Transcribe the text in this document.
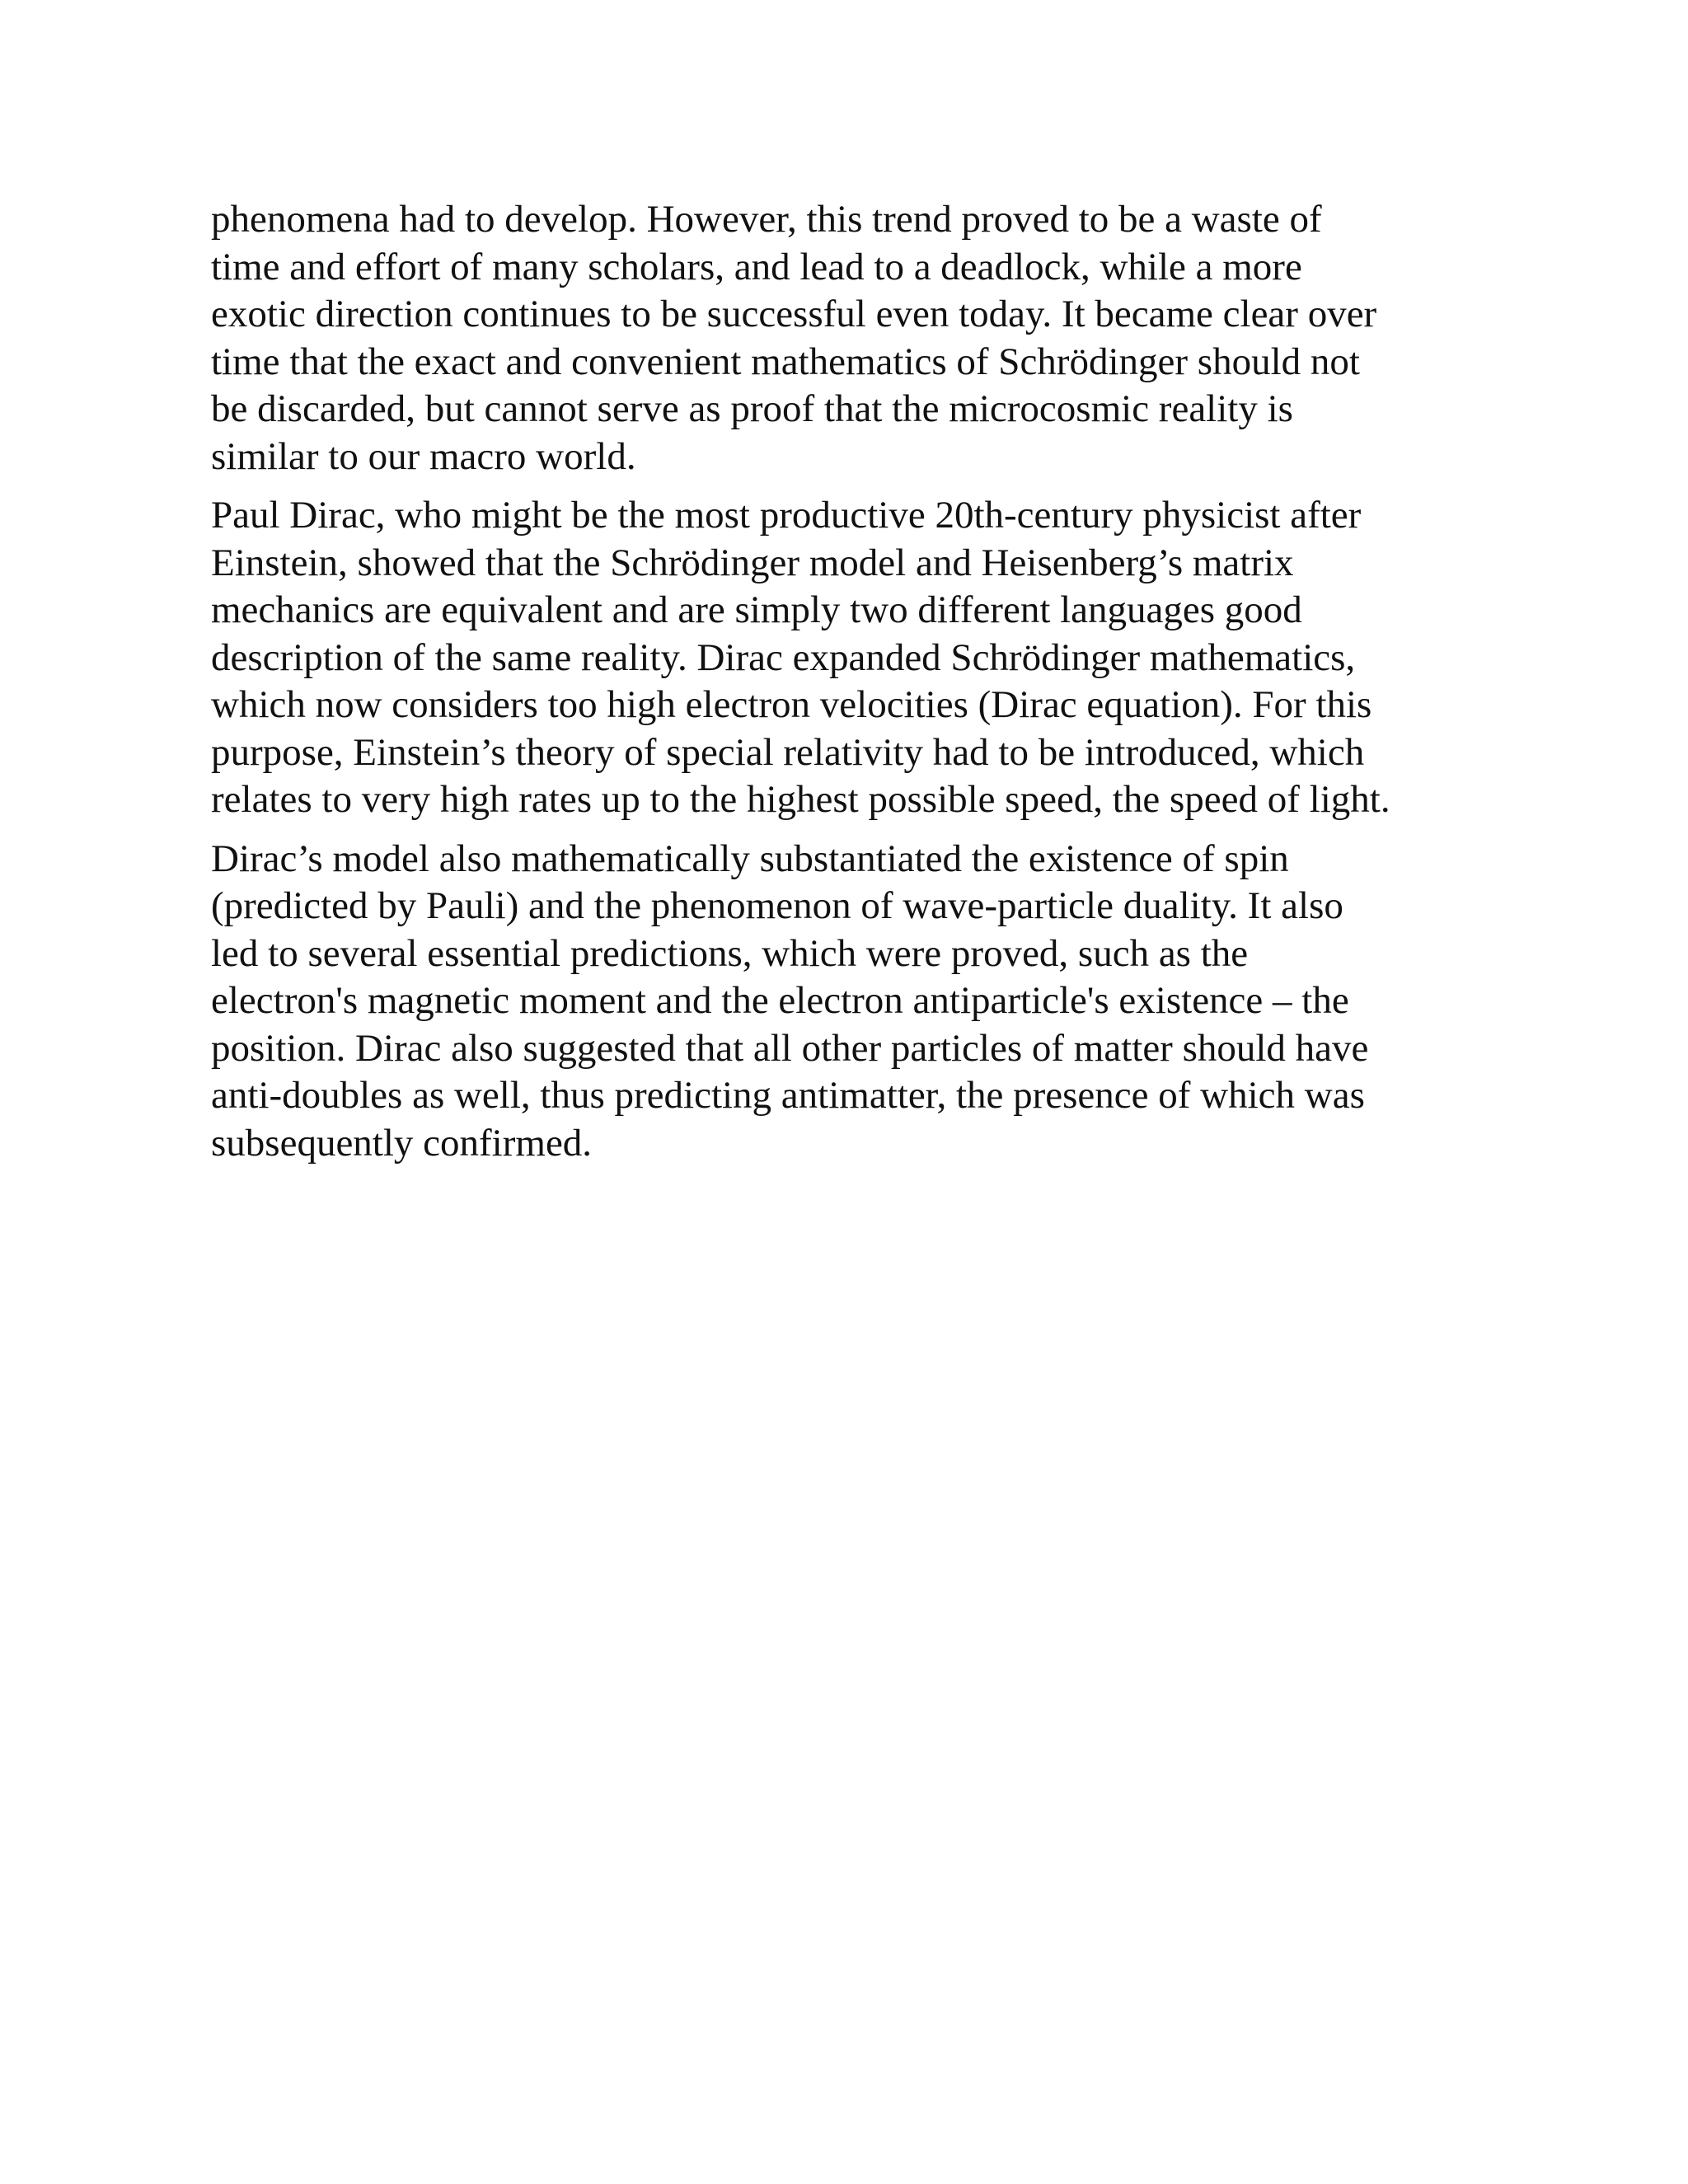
phenomena had to develop. However, this trend proved to be a waste of
time and effort of many scholars, and lead to a deadlock, while a more
exotic direction continues to be successful even today. It became clear over
time that the exact and convenient mathematics of Schrödinger should not
be discarded, but cannot serve as proof that the microcosmic reality is
similar to our macro world.

Paul Dirac, who might be the most productive 20th-century physicist after
Einstein, showed that the Schrödinger model and Heisenberg’s matrix
mechanics are equivalent and are simply two different languages good
description of the same reality. Dirac expanded Schrödinger mathematics,
which now considers too high electron velocities (Dirac equation). For this
purpose, Einstein’s theory of special relativity had to be introduced, which
relates to very high rates up to the highest possible speed, the speed of light.

Dirac’s model also mathematically substantiated the existence of spin
(predicted by Pauli) and the phenomenon of wave-particle duality. It also
led to several essential predictions, which were proved, such as the
electron's magnetic moment and the electron antiparticle's existence – the
position. Dirac also suggested that all other particles of matter should have
anti-doubles as well, thus predicting antimatter, the presence of which was
subsequently confirmed.
